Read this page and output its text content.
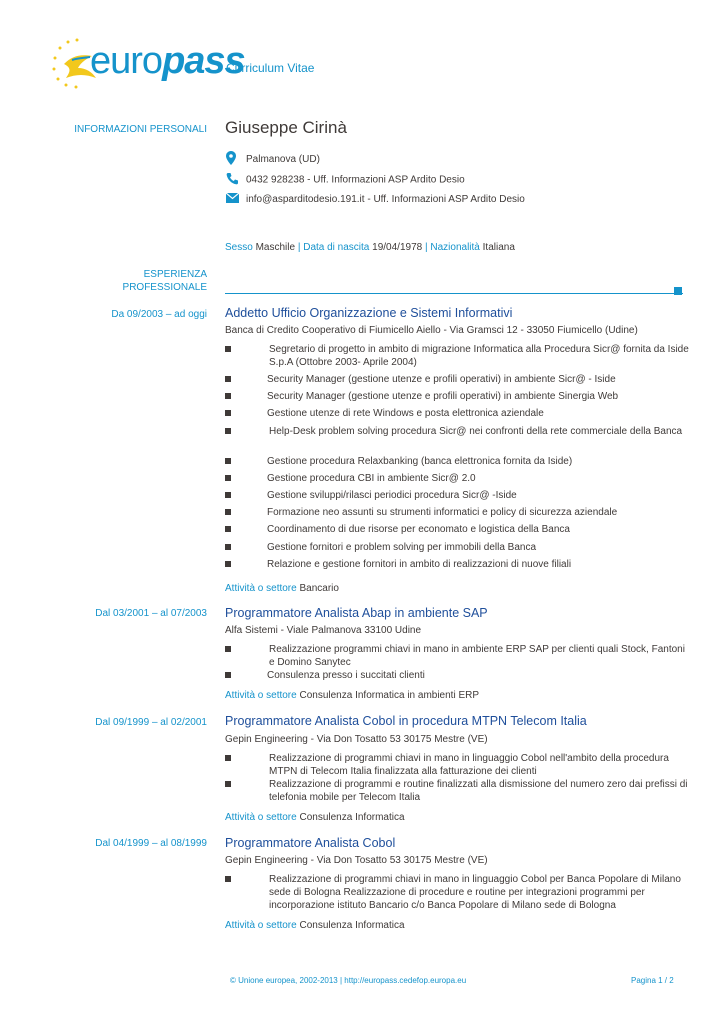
europass
Curriculum Vitae
INFORMAZIONI PERSONALI Giuseppe Cirinà
Palmanova (UD)
0432 928238 - Uff. Informazioni ASP Ardito Desio
info@asparditodesio.191.it - Uff. Informazioni ASP Ardito Desio
Sesso Maschile | Data di nascita 19/04/1978 | Nazionalità Italiana
ESPERIENZA
PROFESSIONALE
Da 09/2003 – ad oggi Addetto Ufficio Organizzazione e Sistemi Informativi
Banca di Credito Cooperativo di Fiumicello Aiello - Via Gramsci 12 - 33050 Fiumicello (Udine)
Segretario di progetto in ambito di migrazione Informatica alla Procedura Sicr@ fornita da Iside S.p.A (Ottobre 2003- Aprile 2004)
Security Manager (gestione utenze e profili operativi) in ambiente Sicr@ - Iside
Security Manager (gestione utenze e profili operativi) in ambiente Sinergia Web
Gestione utenze di rete Windows e posta elettronica aziendale
Help-Desk problem solving procedura Sicr@ nei confronti della rete commerciale della Banca
Gestione procedura Relaxbanking (banca elettronica fornita da Iside)
Gestione procedura CBI in ambiente Sicr@ 2.0
Gestione sviluppi/rilasci periodici procedura Sicr@ -Iside
Formazione neo assunti su strumenti informatici e policy di sicurezza aziendale
Coordinamento di due risorse per economato e logistica della Banca
Gestione fornitori e problem solving per immobili della Banca
Relazione e gestione fornitori in ambito di realizzazioni di nuove filiali
Attività o settore Bancario
Dal 03/2001 – al 07/2003 Programmatore Analista Abap in ambiente SAP
Alfa Sistemi - Viale Palmanova 33100 Udine
Realizzazione programmi chiavi in mano in ambiente ERP SAP per clienti quali Stock, Fantoni e Domino Sanytec
Consulenza presso i succitati clienti
Attività o settore Consulenza Informatica in ambienti ERP
Dal 09/1999 – al 02/2001 Programmatore Analista Cobol in procedura MTPN Telecom Italia
Gepin Engineering - Via Don Tosatto 53 30175 Mestre (VE)
Realizzazione di programmi chiavi in mano in linguaggio Cobol nell'ambito della procedura MTPN di Telecom Italia finalizzata alla fatturazione dei clienti
Realizzazione di programmi e routine finalizzati alla dismissione del numero zero dai prefissi di telefonia mobile per Telecom Italia
Attività o settore Consulenza Informatica
Dal 04/1999 – al 08/1999 Programmatore Analista Cobol
Gepin Engineering - Via Don Tosatto 53 30175 Mestre (VE)
Realizzazione di programmi chiavi in mano in linguaggio Cobol per Banca Popolare di Milano sede di Bologna Realizzazione di procedure e routine per integrazioni programmi per incorporazione istituto Bancario c/o Banca Popolare di Milano sede di Bologna
Attività o settore Consulenza Informatica
© Unione europea, 2002-2013 | http://europass.cedefop.europa.eu	Pagina 1 / 2
